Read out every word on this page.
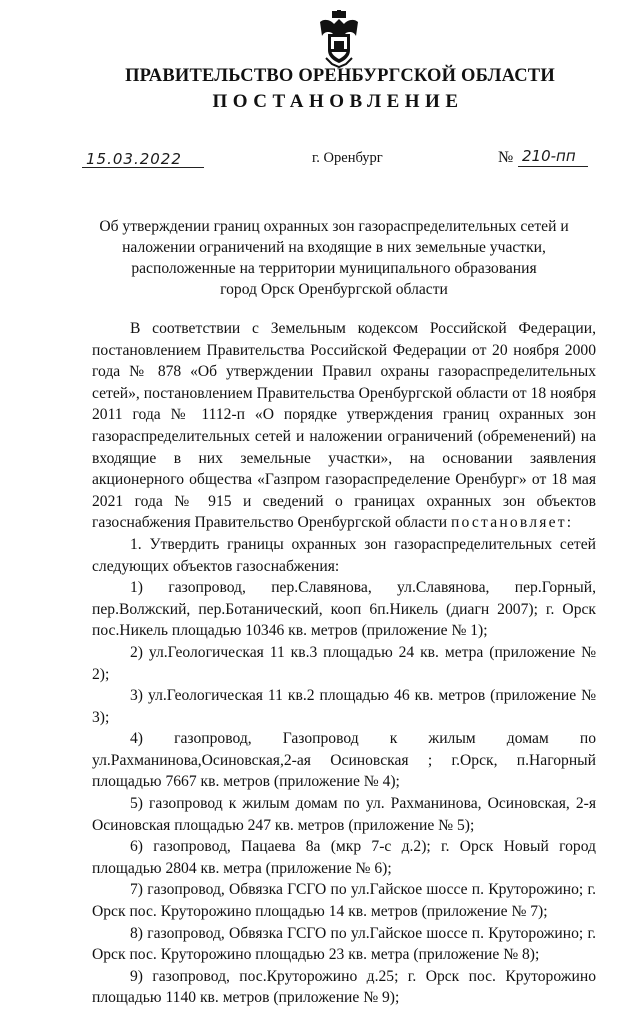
ПРАВИТЕЛЬСТВО ОРЕНБУРГСКОЙ ОБЛАСТИ
ПОСТАНОВЛЕНИЕ
15.03.2022	г. Оренбург	№ 210-пп
Об утверждении границ охранных зон газораспределительных сетей и
наложении ограничений на входящие в них земельные участки,
расположенные на территории муниципального образования
город Орск Оренбургской области

В соответствии с Земельным кодексом Российской Федерации, постановлением Правительства Российской Федерации от 20 ноября 2000 года № 878 «Об утверждении Правил охраны газораспределительных сетей», постановлением Правительства Оренбургской области от 18 ноября 2011 года № 1112-п «О порядке утверждения границ охранных зон газораспределительных сетей и наложении ограничений (обременений) на входящие в них земельные участки», на основании заявления акционерного общества «Газпром газораспределение Оренбург» от 18 мая 2021 года № 915 и сведений о границах охранных зон объектов газоснабжения Правительство Оренбургской области постановляет:

1. Утвердить границы охранных зон газораспределительных сетей следующих объектов газоснабжения:

1) газопровод, пер.Славянова, ул.Славянова, пер.Горный, пер.Волжский, пер.Ботанический, кооп 6п.Никель (диагн 2007); г. Орск пос.Никель площадью 10346 кв. метров (приложение № 1);

2) ул.Геологическая 11 кв.3 площадью 24 кв. метра (приложение № 2);

3) ул.Геологическая 11 кв.2 площадью 46 кв. метров (приложение № 3);

4) газопровод, Газопровод к жилым домам по ул.Рахманинова,Осиновская,2-ая Осиновская ; г.Орск, п.Нагорный площадью 7667 кв. метров (приложение № 4);

5) газопровод к жилым домам по ул. Рахманинова, Осиновская, 2-я Осиновская площадью 247 кв. метров (приложение № 5);

6) газопровод, Пацаева 8а (мкр 7-с д.2); г. Орск Новый город площадью 2804 кв. метра (приложение № 6);

7) газопровод, Обвязка ГСГО по ул.Гайское шоссе п. Круторожино; г. Орск пос. Круторожино площадью 14 кв. метров (приложение № 7);

8) газопровод, Обвязка ГСГО по ул.Гайское шоссе п. Круторожино; г. Орск пос. Круторожино площадью 23 кв. метра (приложение № 8);

9) газопровод, пос.Круторожино д.25; г. Орск пос. Круторожино площадью 1140 кв. метров (приложение № 9);
